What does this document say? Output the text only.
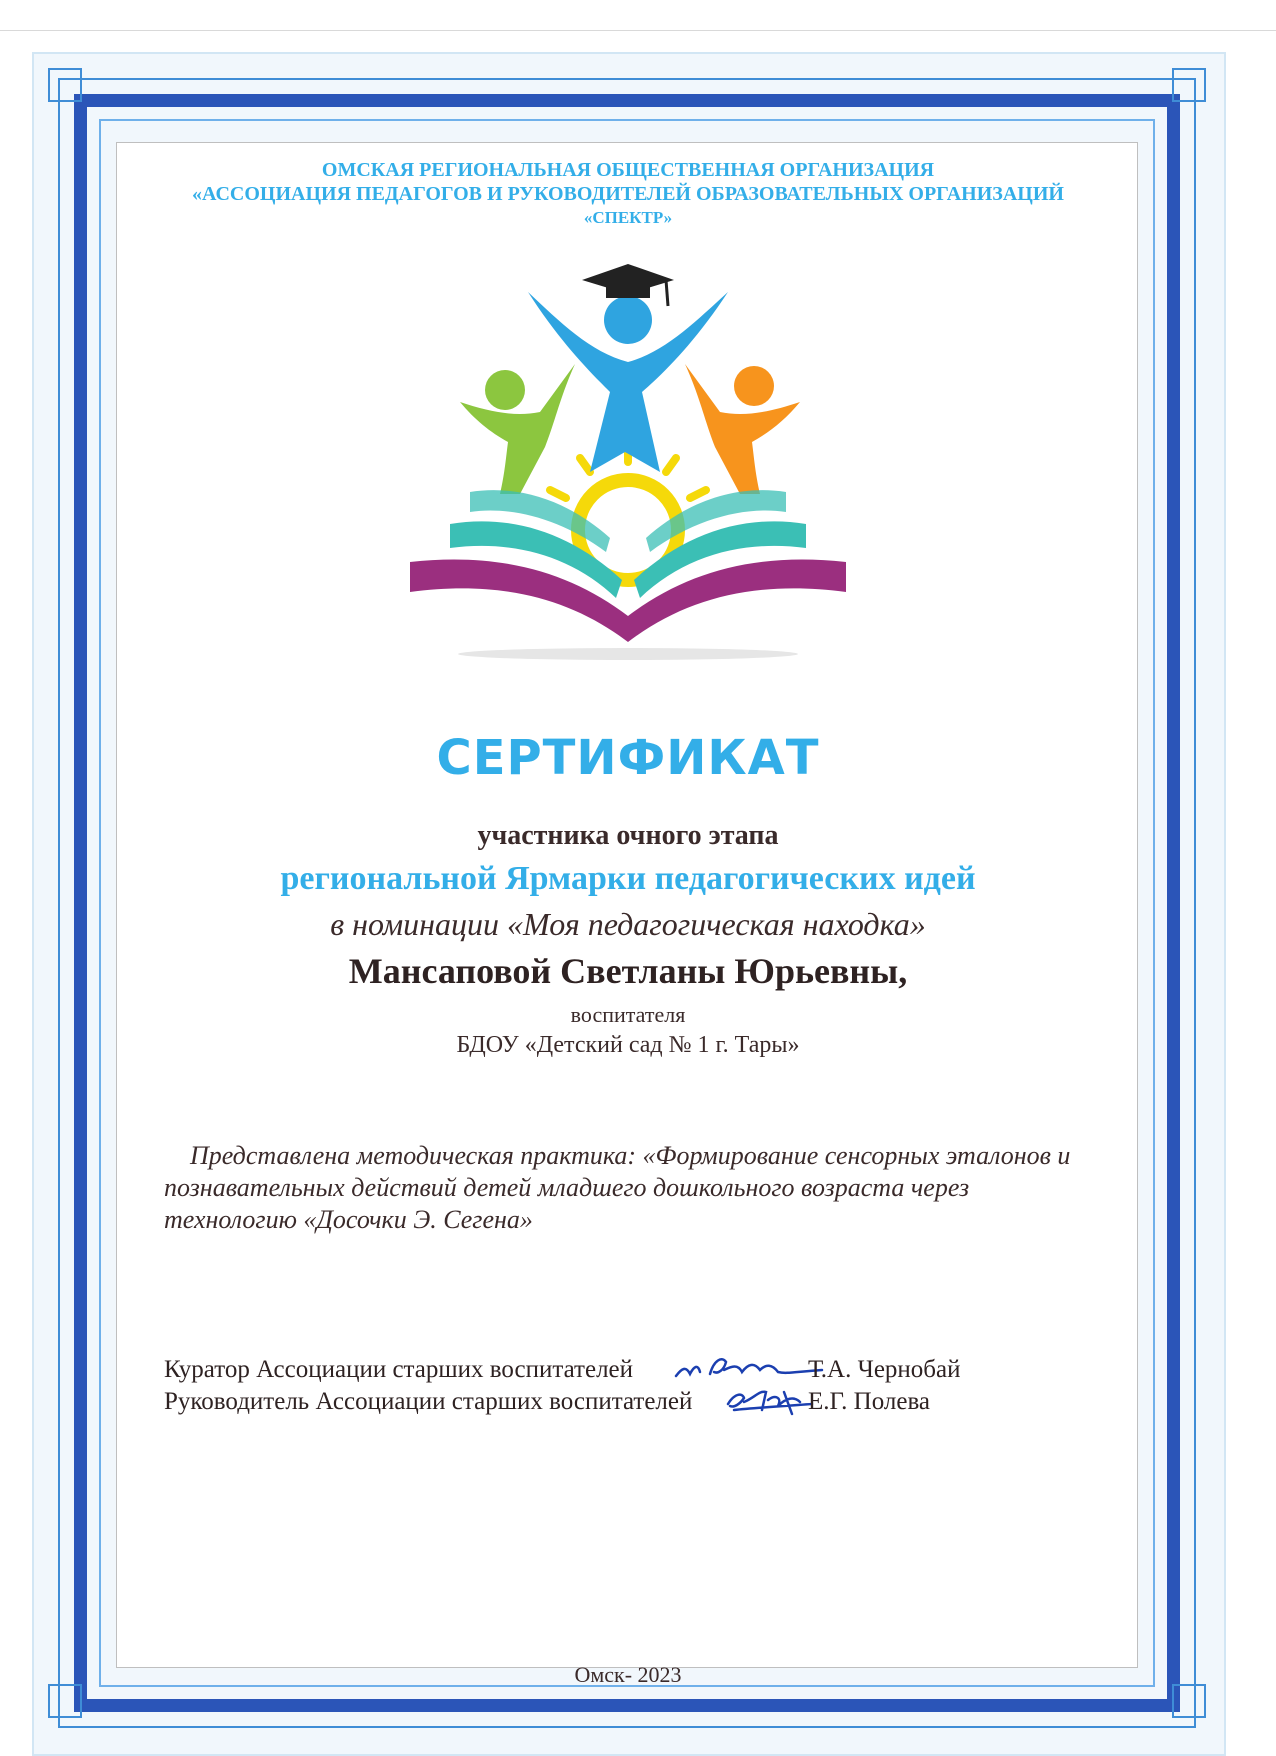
ОМСКАЯ РЕГИОНАЛЬНАЯ ОБЩЕСТВЕННАЯ ОРГАНИЗАЦИЯ
«АССОЦИАЦИЯ ПЕДАГОГОВ И РУКОВОДИТЕЛЕЙ ОБРАЗОВАТЕЛЬНЫХ ОРГАНИЗАЦИЙ
«СПЕКТР»
СЕРТИФИКАТ
участника очного этапа
региональной Ярмарки педагогических идей
в номинации «Моя педагогическая находка»
Мансаповой Светланы Юрьевны,
воспитателя
БДОУ «Детский сад № 1 г. Тары»
Представлена методическая практика: «Формирование сенсорных эталонов и познавательных действий детей младшего дошкольного возраста через технологию «Досочки Э. Сегена»
Куратор Ассоциации старших воспитателей	Т.А. Чернобай
Руководитель Ассоциации старших воспитателей	Е.Г. Полева
Омск- 2023
